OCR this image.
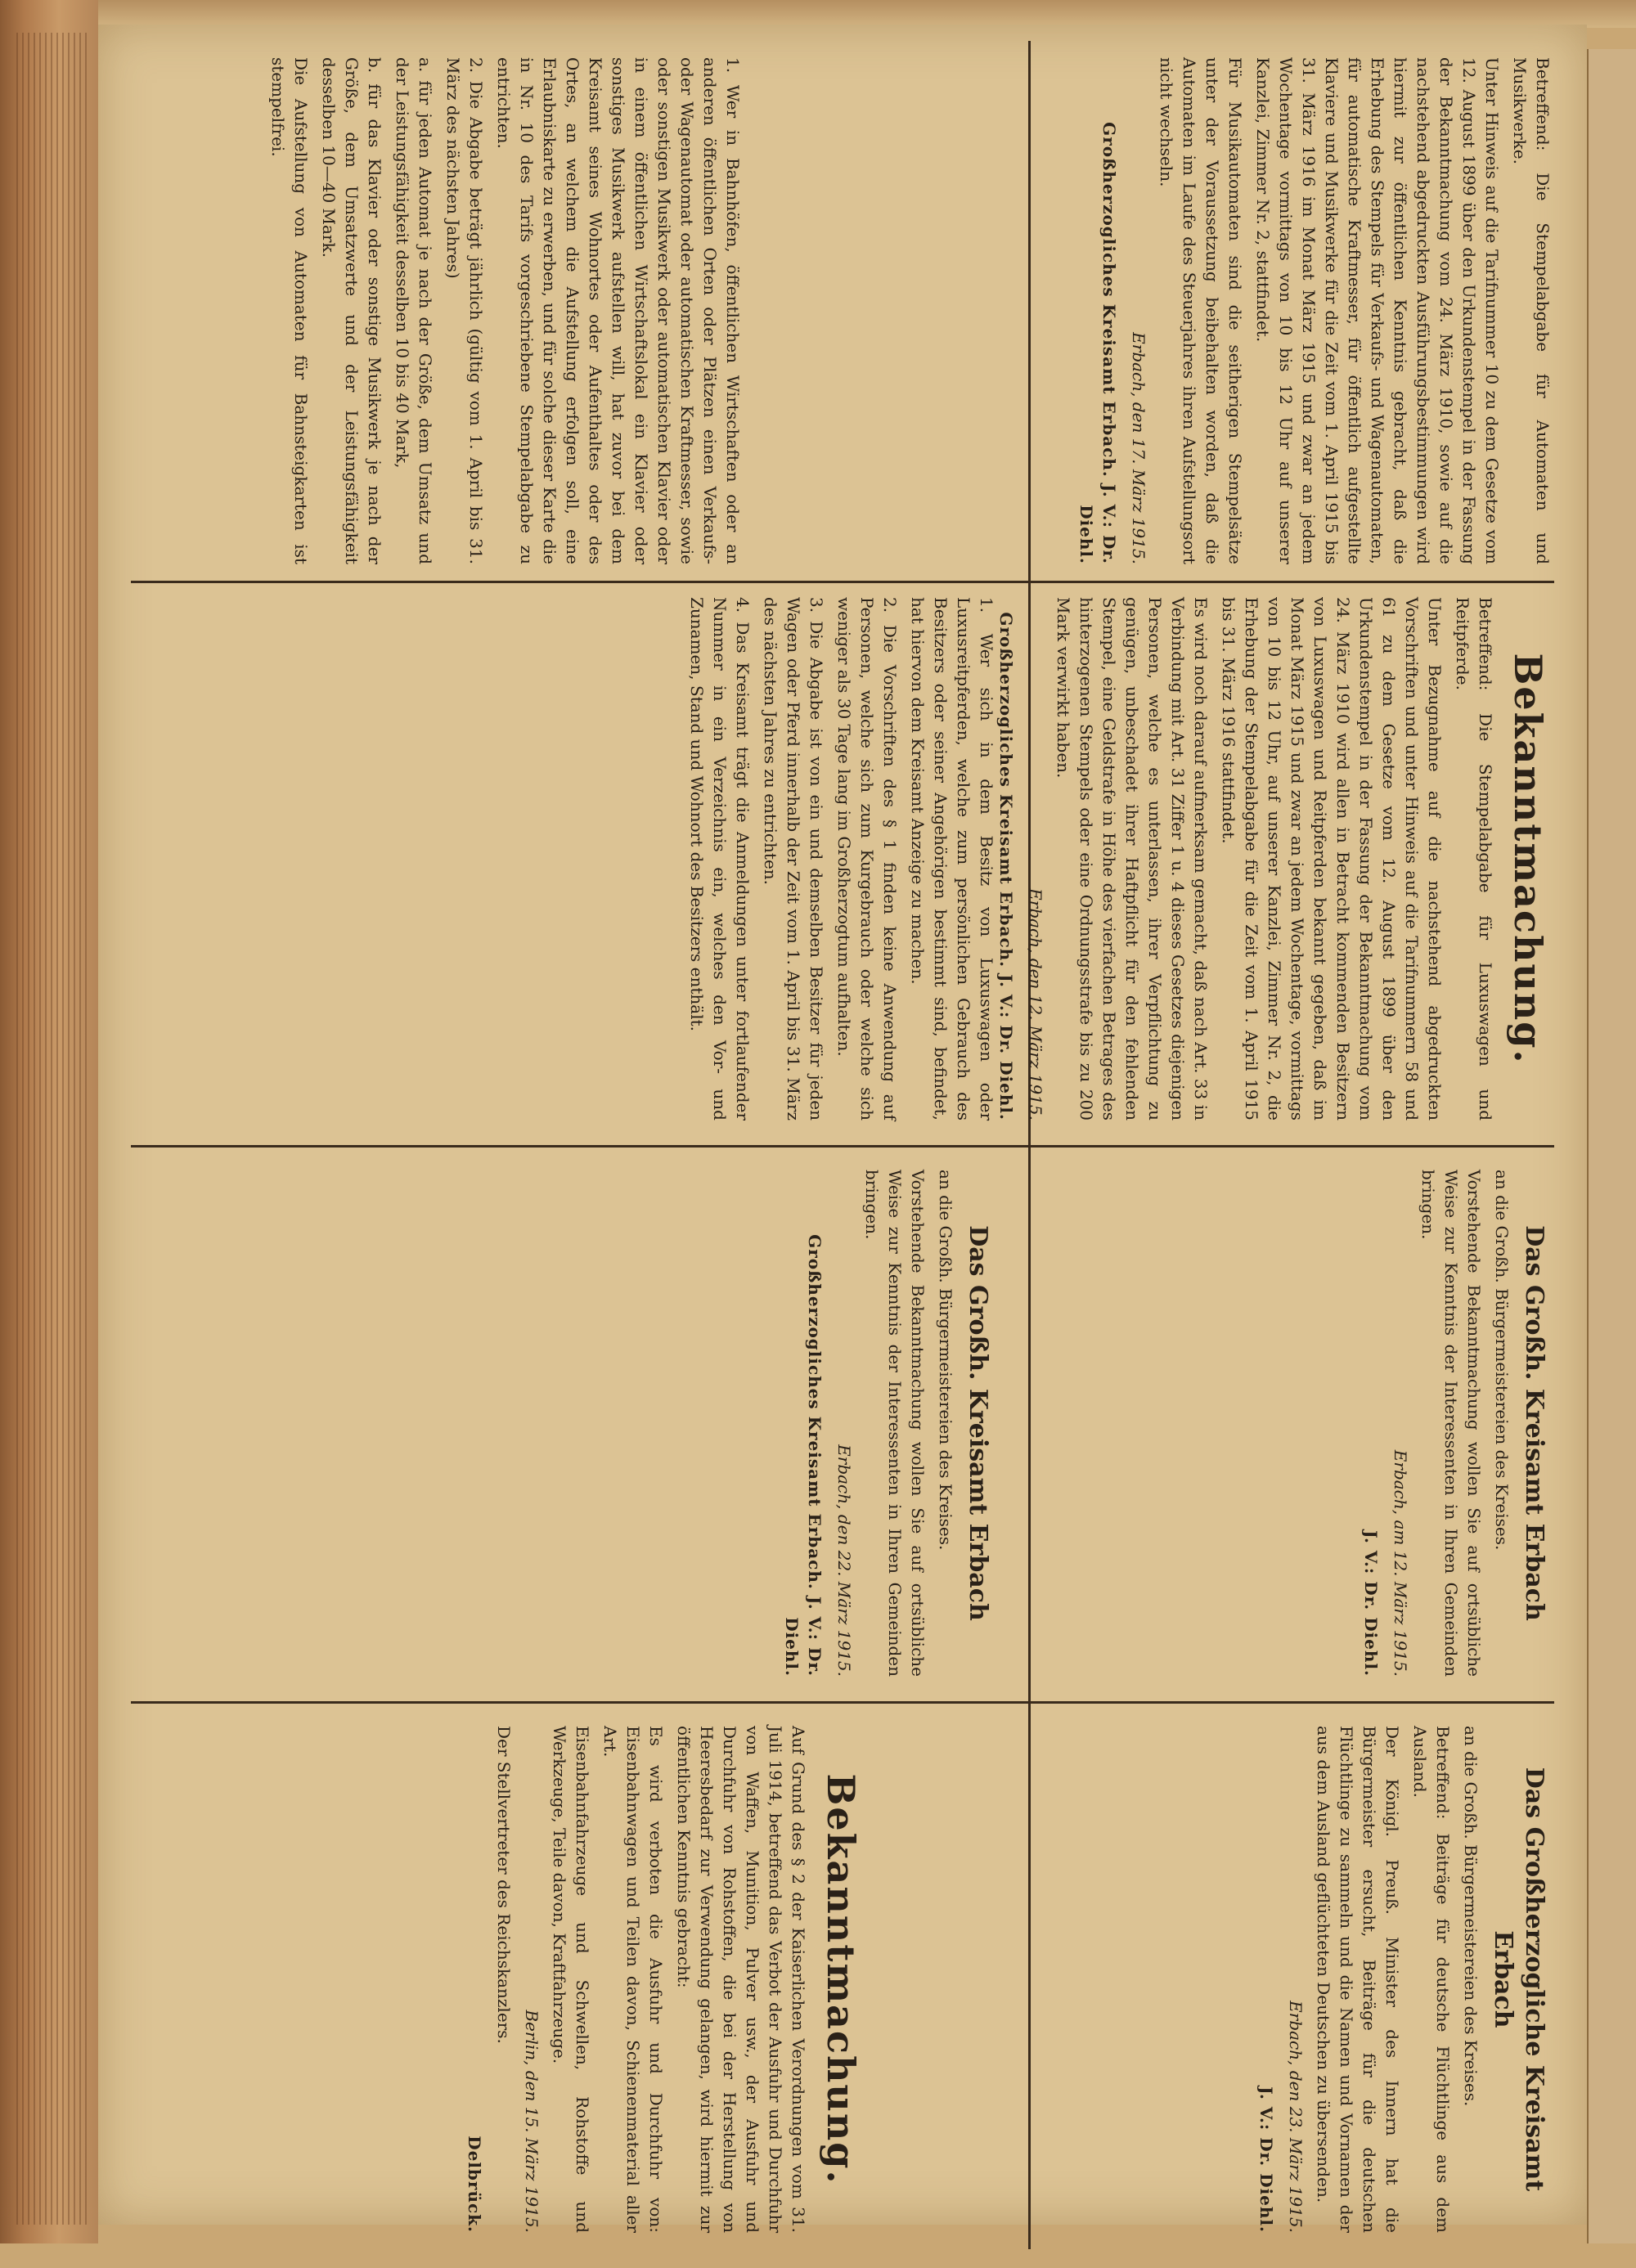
Betreffend: Die Stempelabgabe für Automaten und Musikwerke.

Unter Hinweis auf die Tarifnummer 10 zu dem Gesetze vom 12. August 1899 über den Urkundenstempel in der Fassung der Bekanntmachung vom 24. März 1910, sowie auf die nachstehend abgedruckten Ausführungsbestimmungen wird hiermit zur öffentlichen Kenntnis gebracht, daß die Erhebung des Stempels für Verkaufs- und Wagenautomaten, für automatische Kraftmesser, für öffentlich aufgestellte Klaviere und Musikwerke für die Zeit vom 1. April 1915 bis 31. März 1916 im Monat März 1915 und zwar an jedem Wochentage vormittags von 10 bis 12 Uhr auf unserer Kanzlei, Zimmer Nr. 2, stattfindet.

Für Musikautomaten sind die seitherigen Stempelsätze unter der Voraussetzung beibehalten worden, daß die Automaten im Laufe des Steuerjahres ihren Aufstellungsort nicht wechseln.

Erbach, den 17. März 1915.

Großherzogliches Kreisamt Erbach. J. V.: Dr. Diehl.

1. Wer in Bahnhöfen, öffentlichen Wirtschaften oder an anderen öffentlichen Orten oder Plätzen einen Verkaufs- oder Wagenautomat oder automatischen Kraftmesser, sowie oder sonstigen Musikwerk oder automatischen Klavier oder in einem öffentlichen Wirtschaftslokal ein Klavier oder sonstiges Musikwerk aufstellen will, hat zuvor bei dem Kreisamt seines Wohnortes oder Aufenthaltes oder des Ortes, an welchem die Aufstellung erfolgen soll, eine Erlaubniskarte zu erwerben, und für solche dieser Karte die in Nr. 10 des Tarifs vorgeschriebene Stempelabgabe zu entrichten.

2. Die Abgabe beträgt jährlich (gültig vom 1. April bis 31. März des nächsten Jahres)

a. für jeden Automat je nach der Größe, dem Umsatz und der Leistungsfähigkeit desselben 10 bis 40 Mark,

b. für das Klavier oder sonstige Musikwerk je nach der Größe, dem Umsatzwerte und der Leistungsfähigkeit desselben 10—40 Mark.

Die Aufstellung von Automaten für Bahnsteigkarten ist stempelfrei.

Bekanntmachung.

Betreffend: Die Stempelabgabe für Luxuswagen und Reitpferde.

Unter Bezugnahme auf die nachstehend abgedruckten Vorschriften und unter Hinweis auf die Tarifnummern 58 und 61 zu dem Gesetze vom 12. August 1899 über den Urkundenstempel in der Fassung der Bekanntmachung vom 24. März 1910 wird allen in Betracht kommenden Besitzern von Luxuswagen und Reitpferden bekannt gegeben, daß im Monat März 1915 und zwar an jedem Wochentage, vormittags von 10 bis 12 Uhr, auf unserer Kanzlei, Zimmer Nr. 2, die Erhebung der Stempelabgabe für die Zeit vom 1. April 1915 bis 31. März 1916 stattfindet.

Es wird noch darauf aufmerksam gemacht, daß nach Art. 33 in Verbindung mit Art. 31 Ziffer 1 u. 4 dieses Gesetzes diejenigen Personen, welche es unterlassen, ihrer Verpflichtung zu genügen, unbeschadet ihrer Haftpflicht für den fehlenden Stempel, eine Geldstrafe in Höhe des vierfachen Betrages des hinterzogenen Stempels oder eine Ordnungsstrafe bis zu 200 Mark verwirkt haben.

Erbach, den 12. März 1915.

Großherzogliches Kreisamt Erbach. J. V.: Dr. Diehl.

1. Wer sich in dem Besitz von Luxuswagen oder Luxusreitpferden, welche zum persönlichen Gebrauch des Besitzers oder seiner Angehörigen bestimmt sind, befindet, hat hiervon dem Kreisamt Anzeige zu machen.

2. Die Vorschriften des § 1 finden keine Anwendung auf Personen, welche sich zum Kurgebrauch oder welche sich weniger als 30 Tage lang im Großherzogtum aufhalten.

3. Die Abgabe ist von ein und demselben Besitzer für jeden Wagen oder Pferd innerhalb der Zeit vom 1. April bis 31. März des nächsten Jahres zu entrichten.

4. Das Kreisamt trägt die Anmeldungen unter fortlaufender Nummer in ein Verzeichnis ein, welches den Vor- und Zunamen, Stand und Wohnort des Besitzers enthält.

Das Großh. Kreisamt Erbach

an die Großh. Bürgermeistereien des Kreises.

Vorstehende Bekanntmachung wollen Sie auf ortsübliche Weise zur Kenntnis der Interessenten in Ihren Gemeinden bringen.

Erbach, am 12. März 1915.

J. V.: Dr. Diehl.

Das Großh. Kreisamt Erbach

an die Großh. Bürgermeistereien des Kreises.

Vorstehende Bekanntmachung wollen Sie auf ortsübliche Weise zur Kenntnis der Interessenten in Ihren Gemeinden bringen.

Erbach, den 22. März 1915.

Großherzogliches Kreisamt Erbach. J. V.: Dr. Diehl.

Das Großherzogliche Kreisamt Erbach

an die Großh. Bürgermeistereien des Kreises.

Betreffend: Beiträge für deutsche Flüchtlinge aus dem Ausland.

Der Königl. Preuß. Minister des Innern hat die Bürgermeister ersucht, Beiträge für die deutschen Flüchtlinge zu sammeln und die Namen und Vornamen der aus dem Ausland geflüchteten Deutschen zu übersenden.

Erbach, den 23. März 1915.

J. V.: Dr. Diehl.

Bekanntmachung.

Auf Grund des § 2 der Kaiserlichen Verordnungen vom 31. Juli 1914, betreffend das Verbot der Ausfuhr und Durchfuhr von Waffen, Munition, Pulver usw., der Ausfuhr und Durchfuhr von Rohstoffen, die bei der Herstellung von Heeresbedarf zur Verwendung gelangen, wird hiermit zur öffentlichen Kenntnis gebracht:

Es wird verboten die Ausfuhr und Durchfuhr von: Eisenbahnwagen und Teilen davon, Schienenmaterial aller Art.

Eisenbahnfahrzeuge und Schwellen, Rohstoffe und Werkzeuge, Teile davon, Kraftfahrzeuge.

Berlin, den 15. März 1915.

Der Stellvertreter des Reichskanzlers.

Delbrück.
